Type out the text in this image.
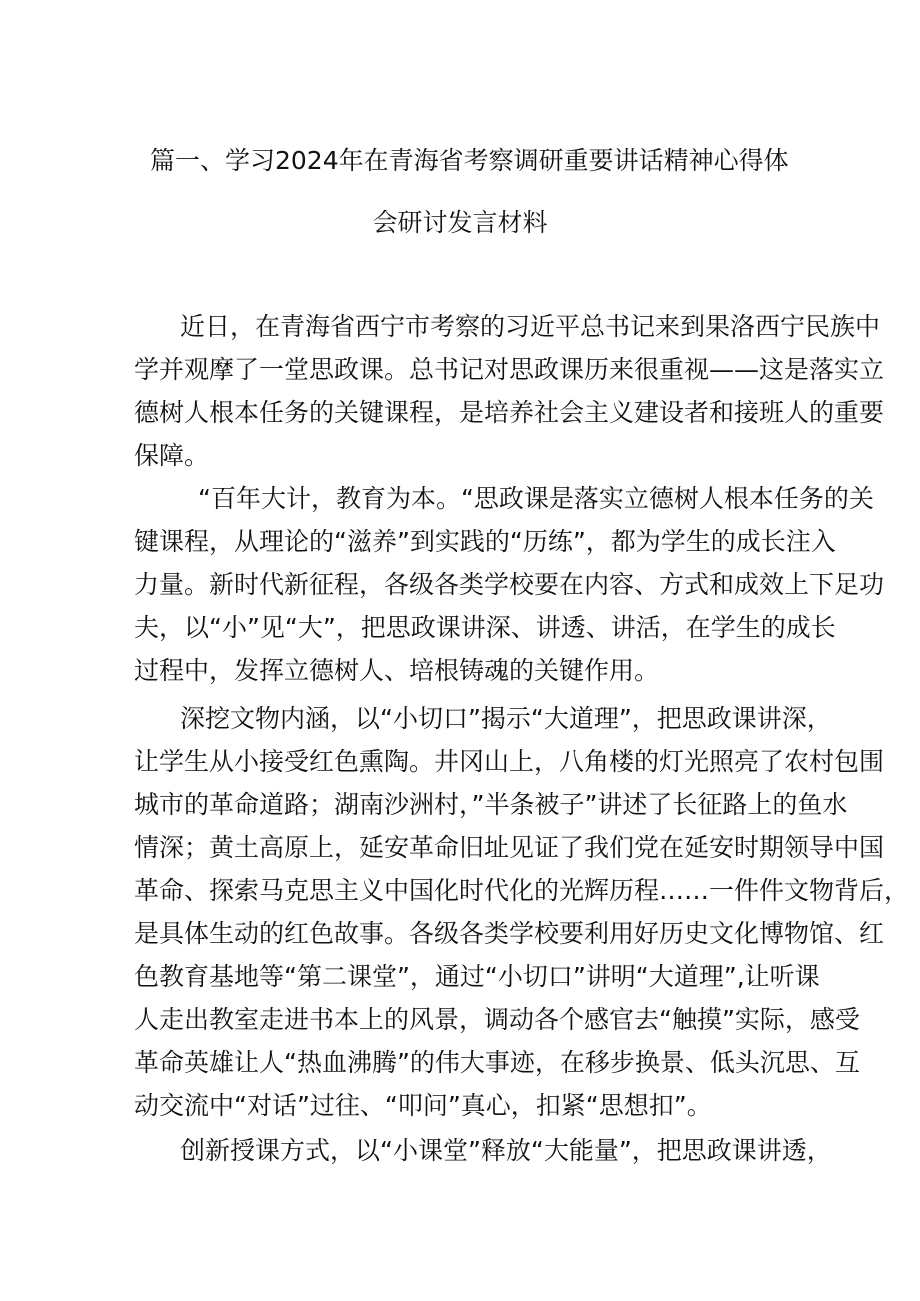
篇一、学习2024年在青海省考察调研重要讲话精神心得体
会研讨发言材料
近日，在青海省西宁市考察的习近平总书记来到果洛西宁民族中
学并观摩了一堂思政课。总书记对思政课历来很重视——这是落实立
德树人根本任务的关键课程，是培养社会主义建设者和接班人的重要
保障。
“百年大计，教育为本。“思政课是落实立德树人根本任务的关
键课程，从理论的“滋养”到实践的“历练”，都为学生的成长注入
力量。新时代新征程，各级各类学校要在内容、方式和成效上下足功
夫，以“小”见“大”，把思政课讲深、讲透、讲活，在学生的成长
过程中，发挥立德树人、培根铸魂的关键作用。
深挖文物内涵，以“小切口”揭示“大道理”，把思政课讲深，
让学生从小接受红色熏陶。井冈山上，八角楼的灯光照亮了农村包围
城市的革命道路；湖南沙洲村，”半条被子”讲述了长征路上的鱼水
情深；黄土高原上，延安革命旧址见证了我们党在延安时期领导中国
革命、探索马克思主义中国化时代化的光辉历程……一件件文物背后，
是具体生动的红色故事。各级各类学校要利用好历史文化博物馆、红
色教育基地等“第二课堂”，通过“小切口”讲明“大道理”,让听课
人走出教室走进书本上的风景，调动各个感官去“触摸”实际，感受
革命英雄让人“热血沸腾”的伟大事迹，在移步换景、低头沉思、互
动交流中“对话”过往、“叩问”真心，扣紧“思想扣”。
创新授课方式，以“小课堂”释放“大能量”，把思政课讲透，
